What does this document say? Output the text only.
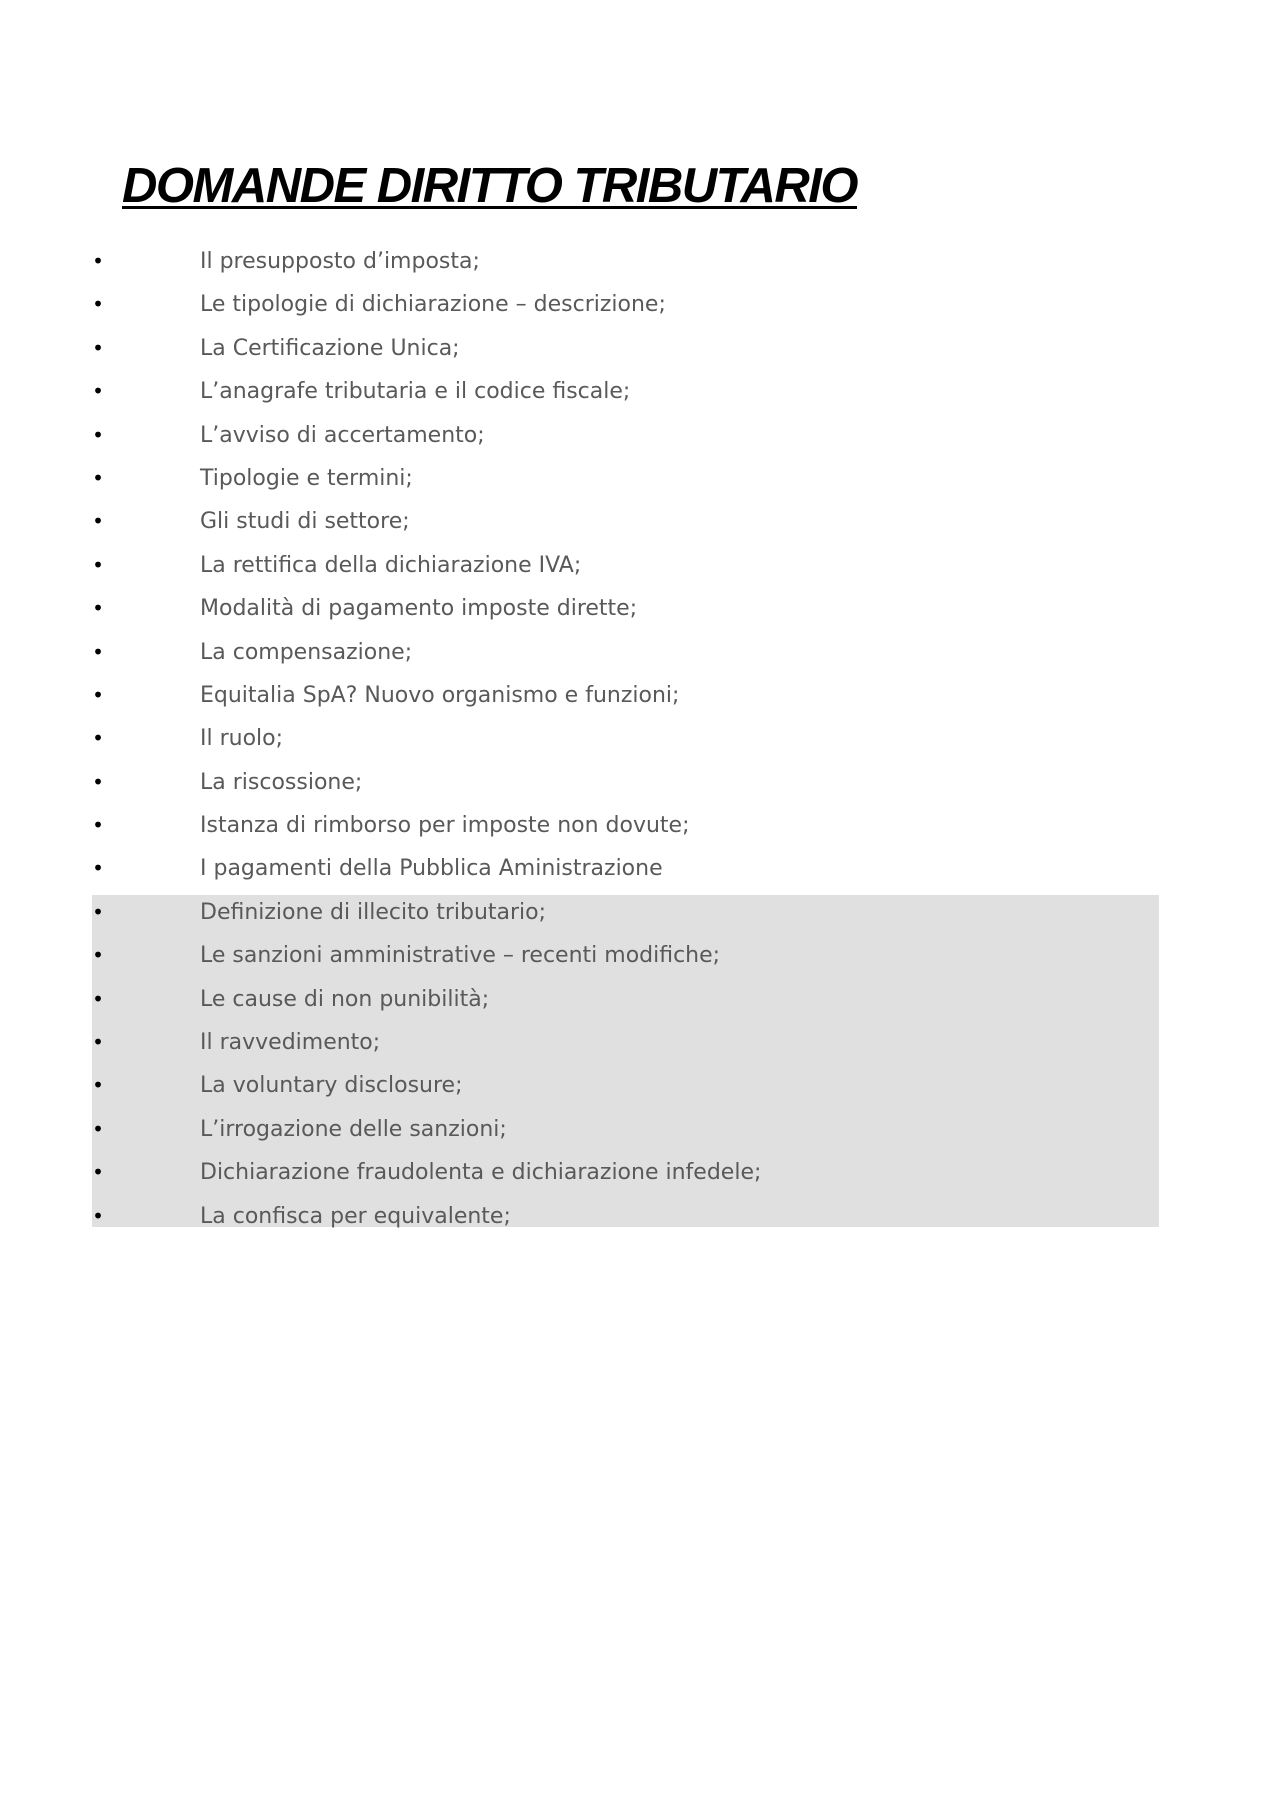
DOMANDE DIRITTO TRIBUTARIO
•	Il presupposto d’imposta;
•	Le tipologie di dichiarazione – descrizione;
•	La Certificazione Unica;
•	L’anagrafe tributaria e il codice fiscale;
•	L’avviso di accertamento;
•	Tipologie e termini;
•	Gli studi di settore;
•	La rettifica della dichiarazione IVA;
•	Modalità di pagamento imposte dirette;
•	La compensazione;
•	Equitalia SpA? Nuovo organismo e funzioni;
•	Il ruolo;
•	La riscossione;
•	Istanza di rimborso per imposte non dovute;
•	I pagamenti della Pubblica Aministrazione
•	Definizione di illecito tributario;
•	Le sanzioni amministrative – recenti modifiche;
•	Le cause di non punibilità;
•	Il ravvedimento;
•	La voluntary disclosure;
•	L’irrogazione delle sanzioni;
•	Dichiarazione fraudolenta e dichiarazione infedele;
•	La confisca per equivalente;
